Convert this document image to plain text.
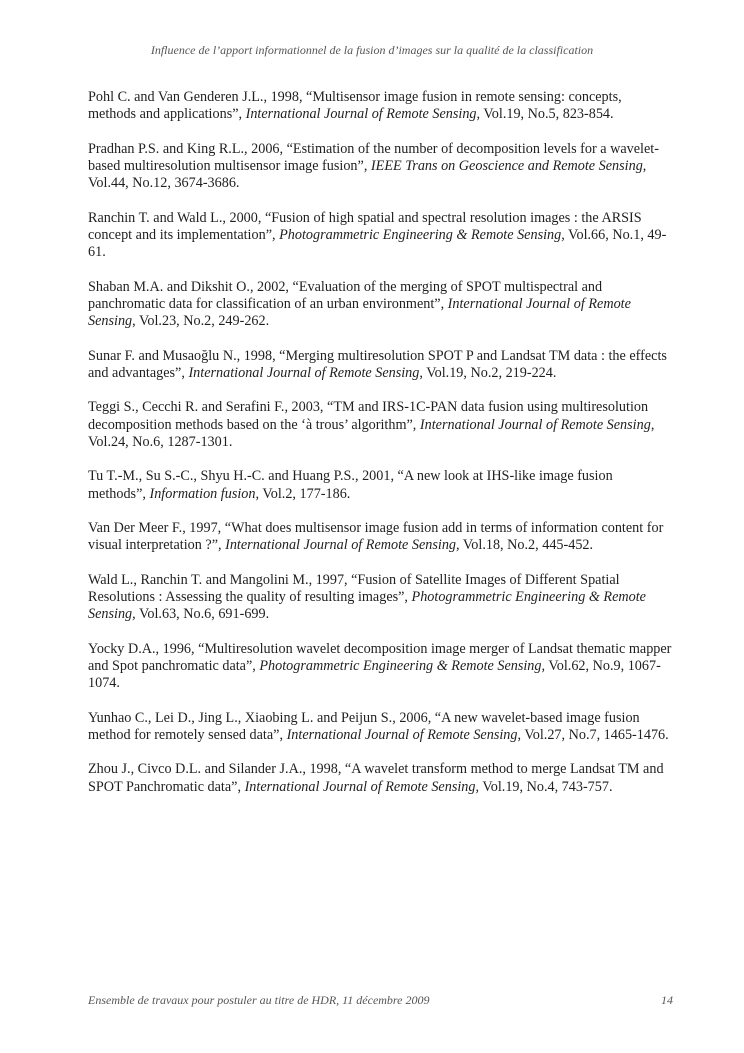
Influence de l’apport informationnel de la fusion d’images sur la qualité de la classification

Pohl C. and Van Genderen J.L., 1998, “Multisensor image fusion in remote sensing: concepts, methods and applications”, International Journal of Remote Sensing, Vol.19, No.5, 823-854.

Pradhan P.S. and King R.L., 2006, “Estimation of the number of decomposition levels for a wavelet-based multiresolution multisensor image fusion”, IEEE Trans on Geoscience and Remote Sensing, Vol.44, No.12, 3674-3686.

Ranchin T. and Wald L., 2000, “Fusion of high spatial and spectral resolution images : the ARSIS concept and its implementation”, Photogrammetric Engineering & Remote Sensing, Vol.66, No.1, 49-61.

Shaban M.A. and Dikshit O., 2002, “Evaluation of the merging of SPOT multispectral and panchromatic data for classification of an urban environment”, International Journal of Remote Sensing, Vol.23, No.2, 249-262.

Sunar F. and Musaoğlu N., 1998, “Merging multiresolution SPOT P and Landsat TM data : the effects and advantages”, International Journal of Remote Sensing, Vol.19, No.2, 219-224.

Teggi S., Cecchi R. and Serafini F., 2003, “TM and IRS-1C-PAN data fusion using multiresolution decomposition methods based on the ‘à trous’ algorithm”, International Journal of Remote Sensing, Vol.24, No.6, 1287-1301.

Tu T.-M., Su S.-C., Shyu H.-C. and Huang P.S., 2001, “A new look at IHS-like image fusion methods”, Information fusion, Vol.2, 177-186.

Van Der Meer F., 1997, “What does multisensor image fusion add in terms of information content for visual interpretation ?”, International Journal of Remote Sensing, Vol.18, No.2, 445-452.

Wald L., Ranchin T. and Mangolini M., 1997, “Fusion of Satellite Images of Different Spatial Resolutions : Assessing the quality of resulting images”, Photogrammetric Engineering & Remote Sensing, Vol.63, No.6, 691-699.

Yocky D.A., 1996, “Multiresolution wavelet decomposition image merger of Landsat thematic mapper and Spot panchromatic data”, Photogrammetric Engineering & Remote Sensing, Vol.62, No.9, 1067-1074.

Yunhao C., Lei D., Jing L., Xiaobing L. and Peijun S., 2006, “A new wavelet-based image fusion method for remotely sensed data”, International Journal of Remote Sensing, Vol.27, No.7, 1465-1476.

Zhou J., Civco D.L. and Silander J.A., 1998, “A wavelet transform method to merge Landsat TM and SPOT Panchromatic data”, International Journal of Remote Sensing, Vol.19, No.4, 743-757.

Ensemble de travaux pour postuler au titre de HDR, 11 décembre 2009	14
